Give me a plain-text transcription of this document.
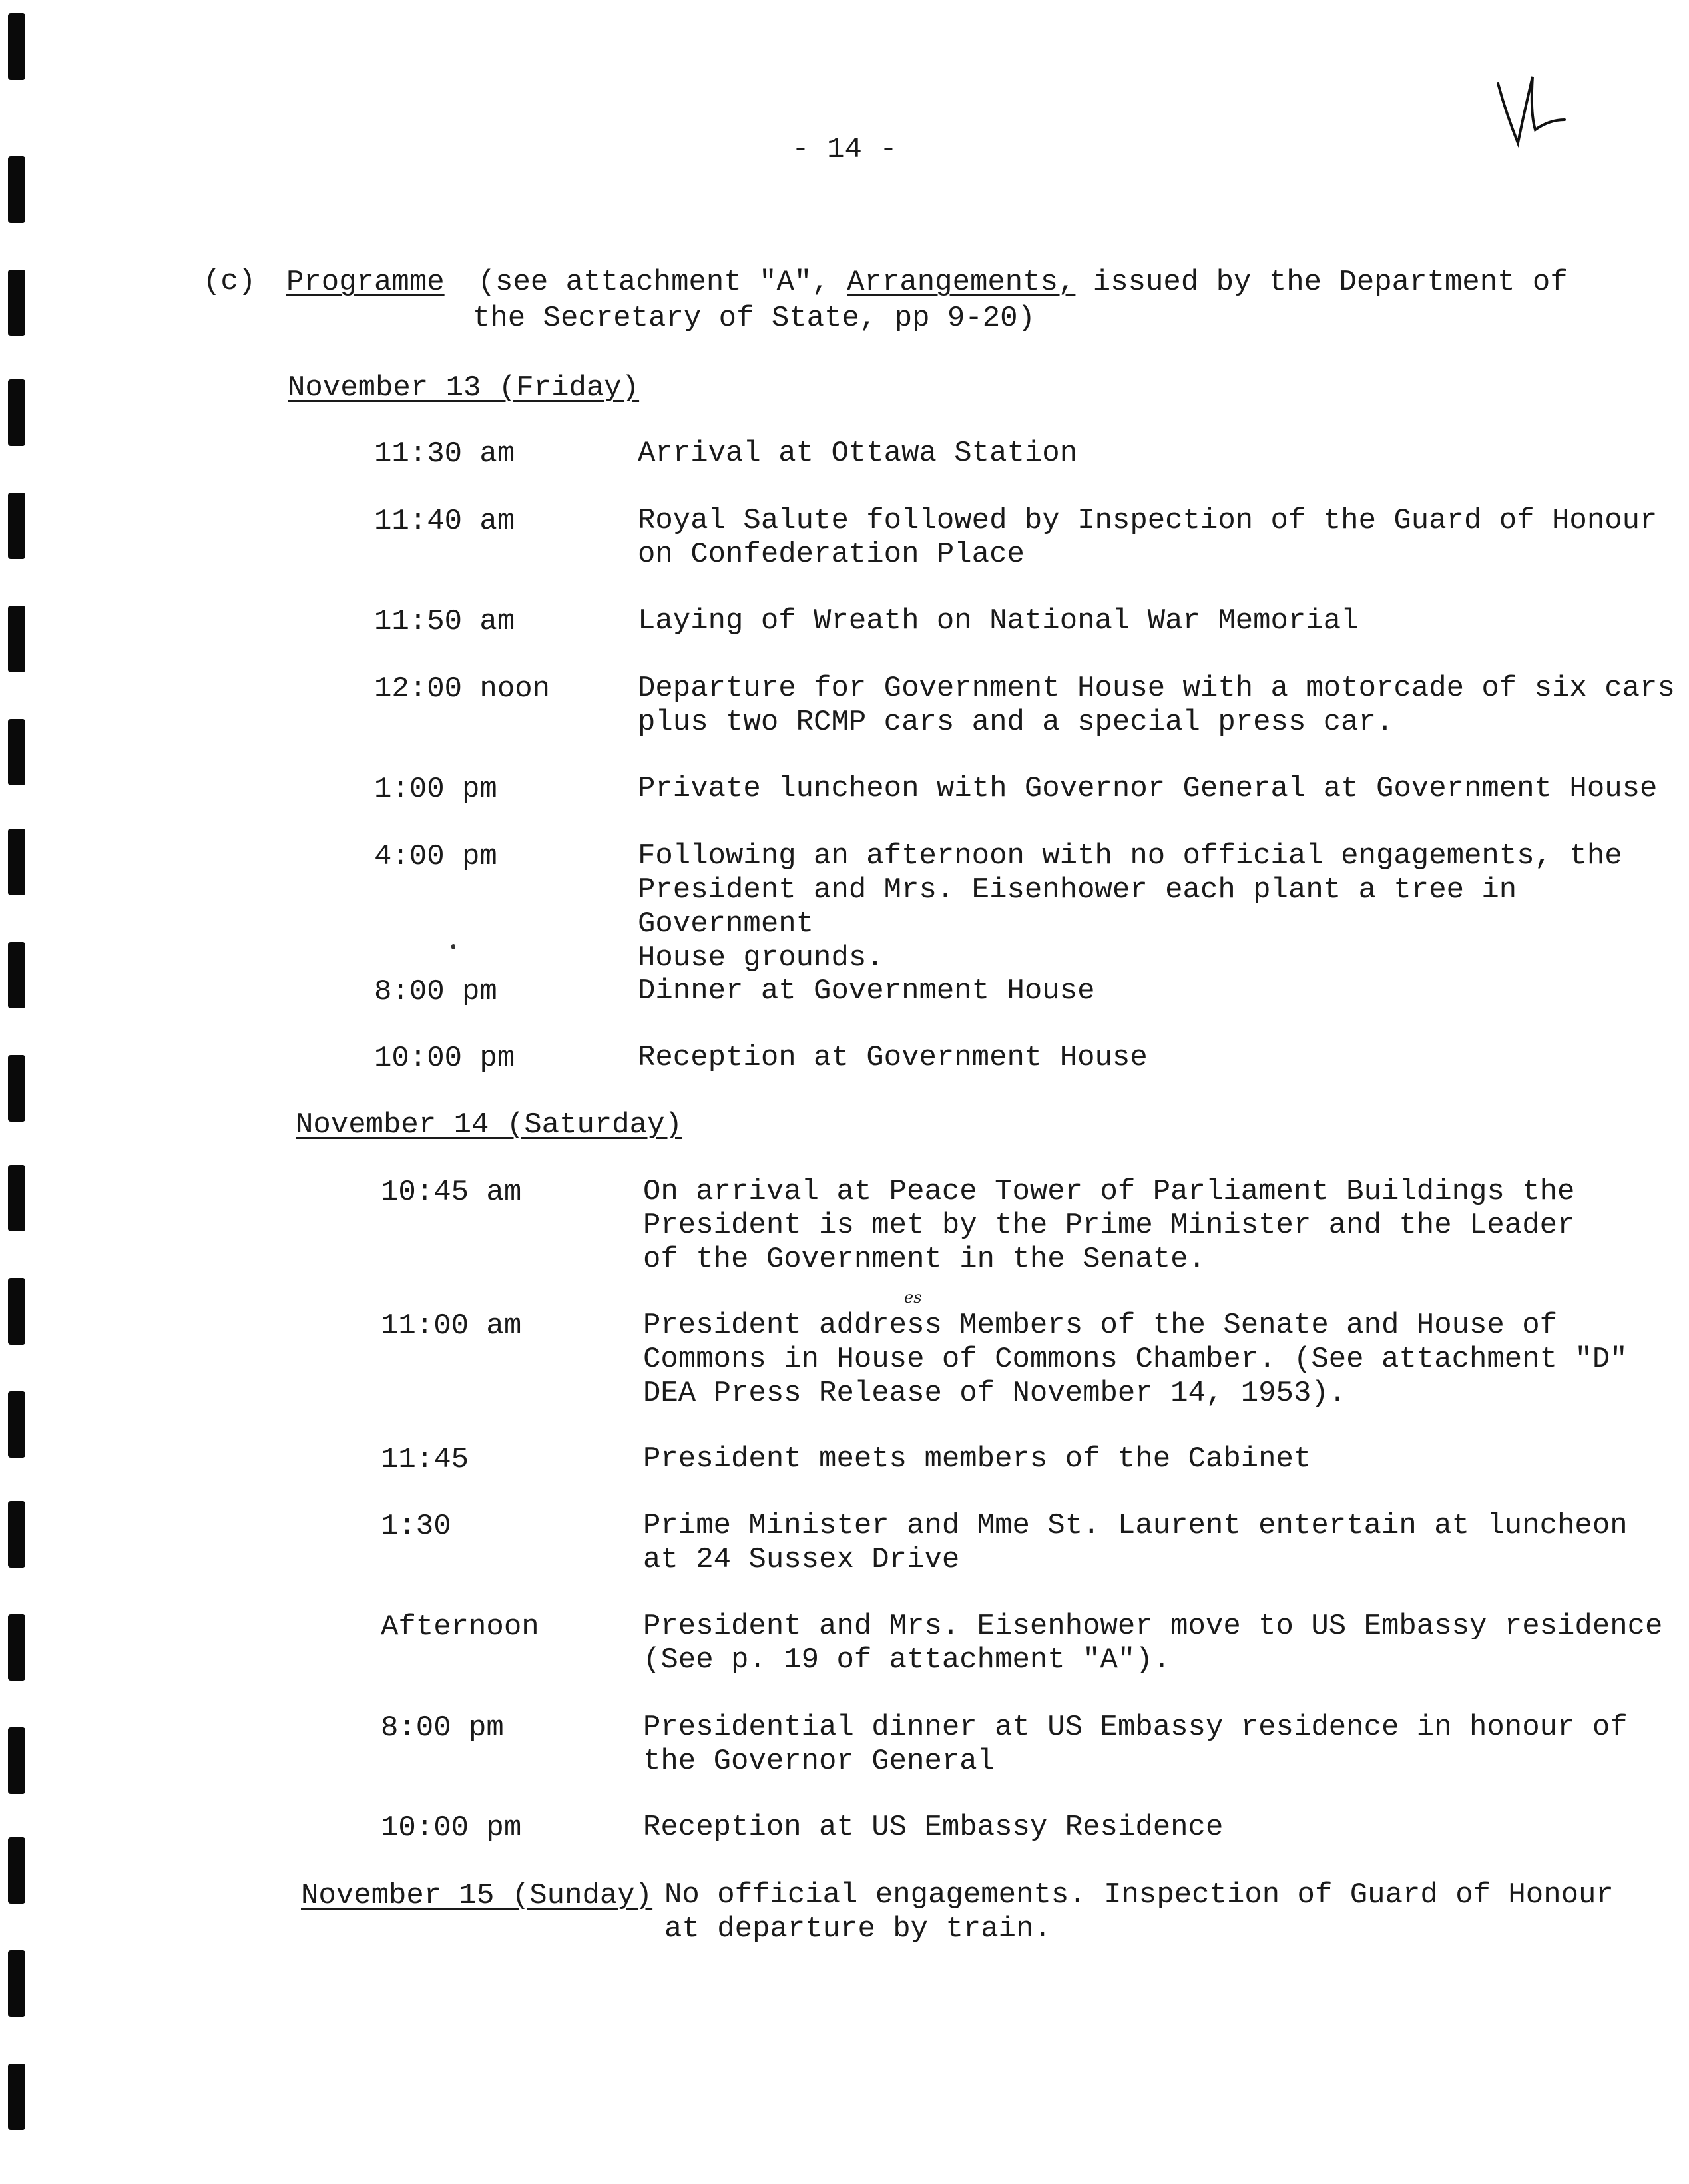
- 14 -
(c) Programme (see attachment "A", Arrangements, issued by the Department of
the Secretary of State, pp 9-20)
November 13 (Friday)
11:30 am	Arrival at Ottawa Station
11:40 am	Royal Salute followed by Inspection of the Guard of Honour
on Confederation Place
11:50 am	Laying of Wreath on National War Memorial
12:00 noon	Departure for Government House with a motorcade of six cars
plus two RCMP cars and a special press car.
1:00 pm	Private luncheon with Governor General at Government House
4:00 pm	Following an afternoon with no official engagements, the
President and Mrs. Eisenhower each plant a tree in Government
House grounds.
8:00 pm	Dinner at Government House
10:00 pm	Reception at Government House
November 14 (Saturday)
10:45 am	On arrival at Peace Tower of Parliament Buildings the
President is met by the Prime Minister and the Leader
of the Government in the Senate.
es
11:00 am	President address Members of the Senate and House of
Commons in House of Commons Chamber. (See attachment "D"
DEA Press Release of November 14, 1953).
11:45	President meets members of the Cabinet
1:30	Prime Minister and Mme St. Laurent entertain at luncheon
at 24 Sussex Drive
Afternoon	President and Mrs. Eisenhower move to US Embassy residence
(See p. 19 of attachment "A").
8:00 pm	Presidential dinner at US Embassy residence in honour of
the Governor General
10:00 pm	Reception at US Embassy Residence
November 15 (Sunday) No official engagements. Inspection of Guard of Honour
at departure by train.
